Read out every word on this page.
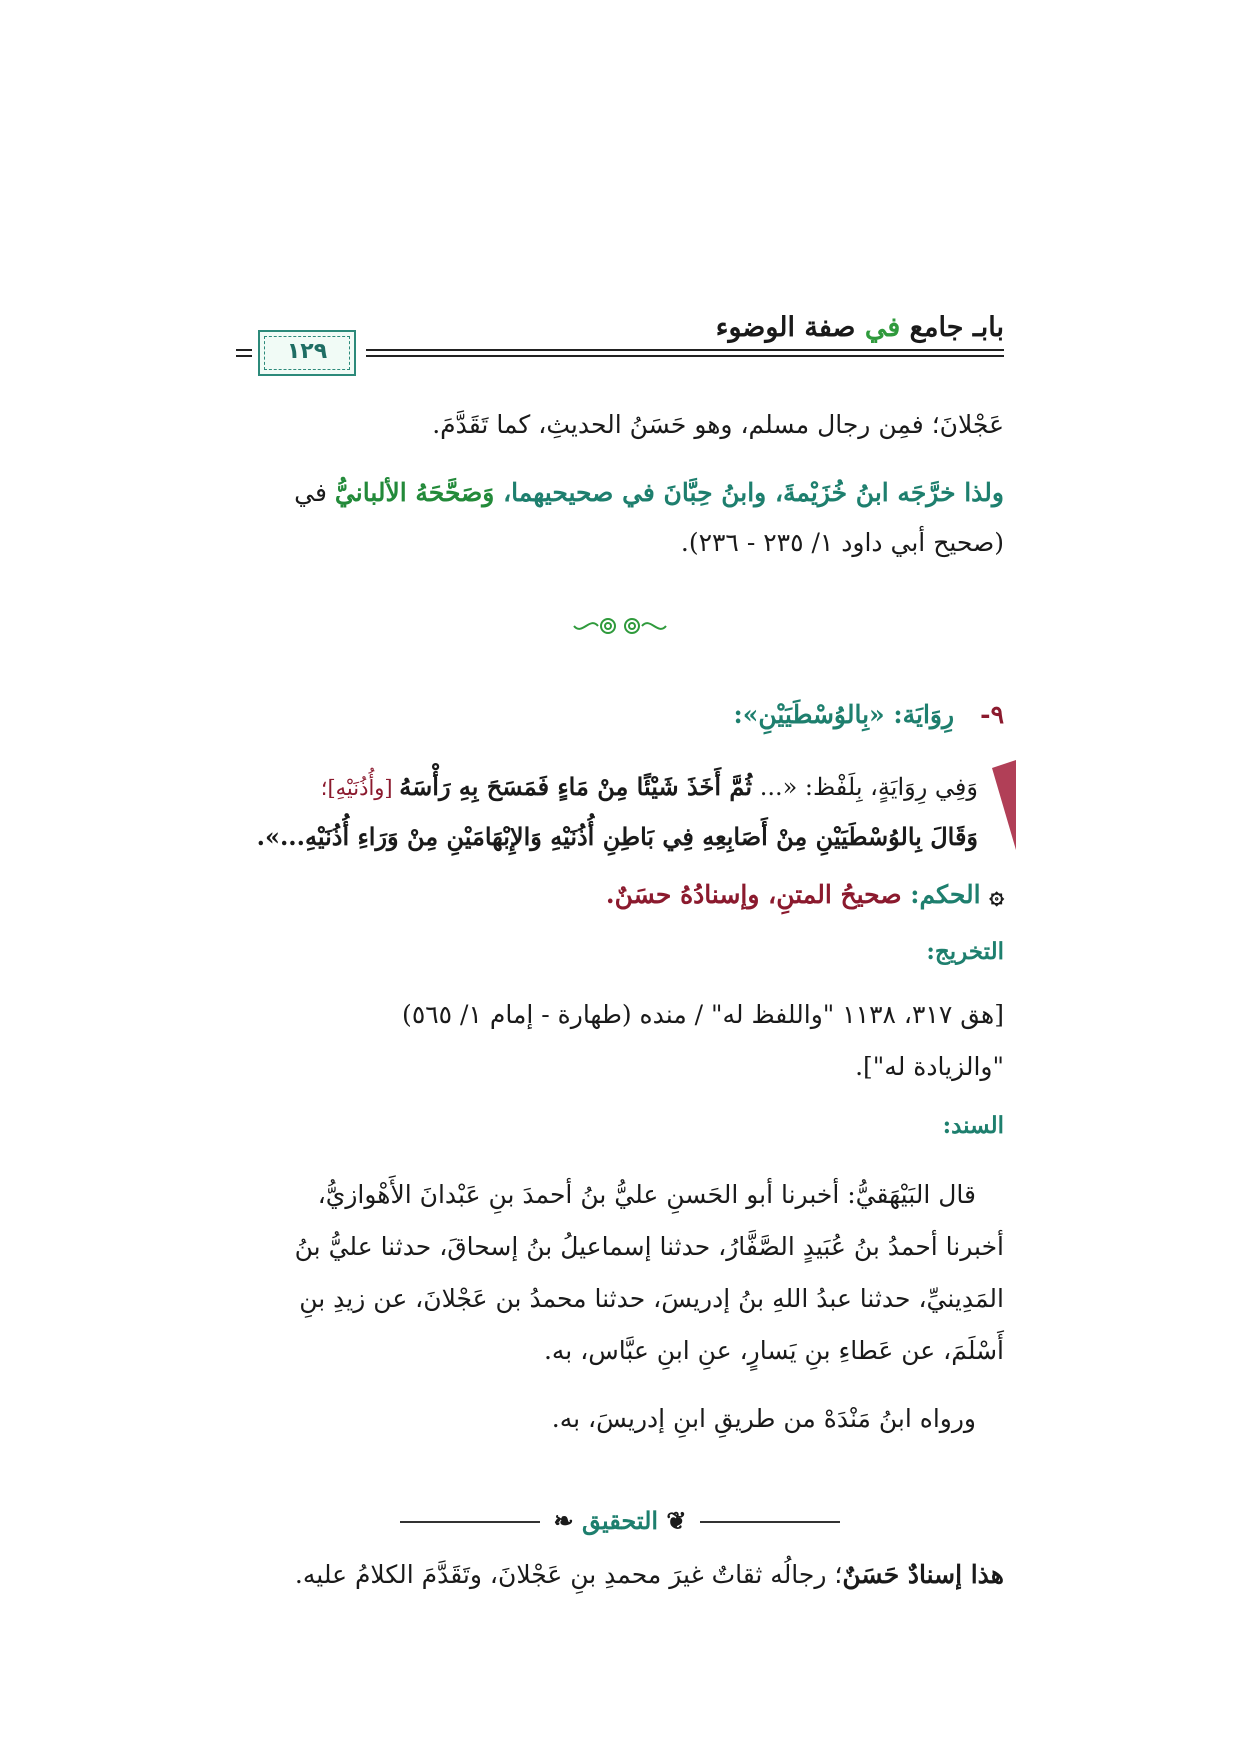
بابـ جامع في صفة الوضوء
١٢٩
عَجْلانَ؛ فمِن رجال مسلم، وهو حَسَنُ الحديثِ، كما تَقَدَّمَ.
ولذا خرَّجَه ابنُ خُزَيْمةَ، وابنُ حِبَّانَ في صحيحيهما، وَصَحَّحَهُ الألبانيُّ في
(صحيح أبي داود ١/ ٢٣٥ - ٢٣٦).
٩-   رِوَايَة: «بِالوُسْطَيَيْنِ»:
وَفِي رِوَايَةٍ، بِلَفْظ: «... ثُمَّ أَخَذَ شَيْئًا مِنْ مَاءٍ فَمَسَحَ بِهِ رَأْسَهُ [وأُذُنَيْهِ]؛
وَقَالَ بِالوُسْطَيَيْنِ مِنْ أَصَابِعِهِ فِي بَاطِنِ أُذُنَيْهِ وَالإِبْهَامَيْنِ مِنْ وَرَاءِ أُذُنَيْهِ...».
۞ الحكم: صحيحُ المتنِ، وإسنادُهُ حسَنٌ.
التخريج:
[هق ٣١٧، ١١٣٨ "واللفظ له" / منده (طهارة - إمام ١/ ٥٦٥)
"والزيادة له"].
السند:
قال البَيْهَقيُّ: أخبرنا أبو الحَسنِ عليُّ بنُ أحمدَ بنِ عَبْدانَ الأَهْوازيُّ،
أخبرنا أحمدُ بنُ عُبَيدٍ الصَّفَّارُ، حدثنا إسماعيلُ بنُ إسحاقَ، حدثنا عليُّ بنُ
المَدِينيِّ، حدثنا عبدُ اللهِ بنُ إدريسَ، حدثنا محمدُ بن عَجْلانَ، عن زيدِ بنِ
أَسْلَمَ، عن عَطاءِ بنِ يَسارٍ، عنِ ابنِ عبَّاس، به.
ورواه ابنُ مَنْدَهْ من طريقِ ابنِ إدريسَ، به.
❦ التحقيق ❧
هذا إسنادٌ حَسَنٌ؛ رجالُه ثقاتٌ غيرَ محمدِ بنِ عَجْلانَ، وتَقَدَّمَ الكلامُ عليه.
